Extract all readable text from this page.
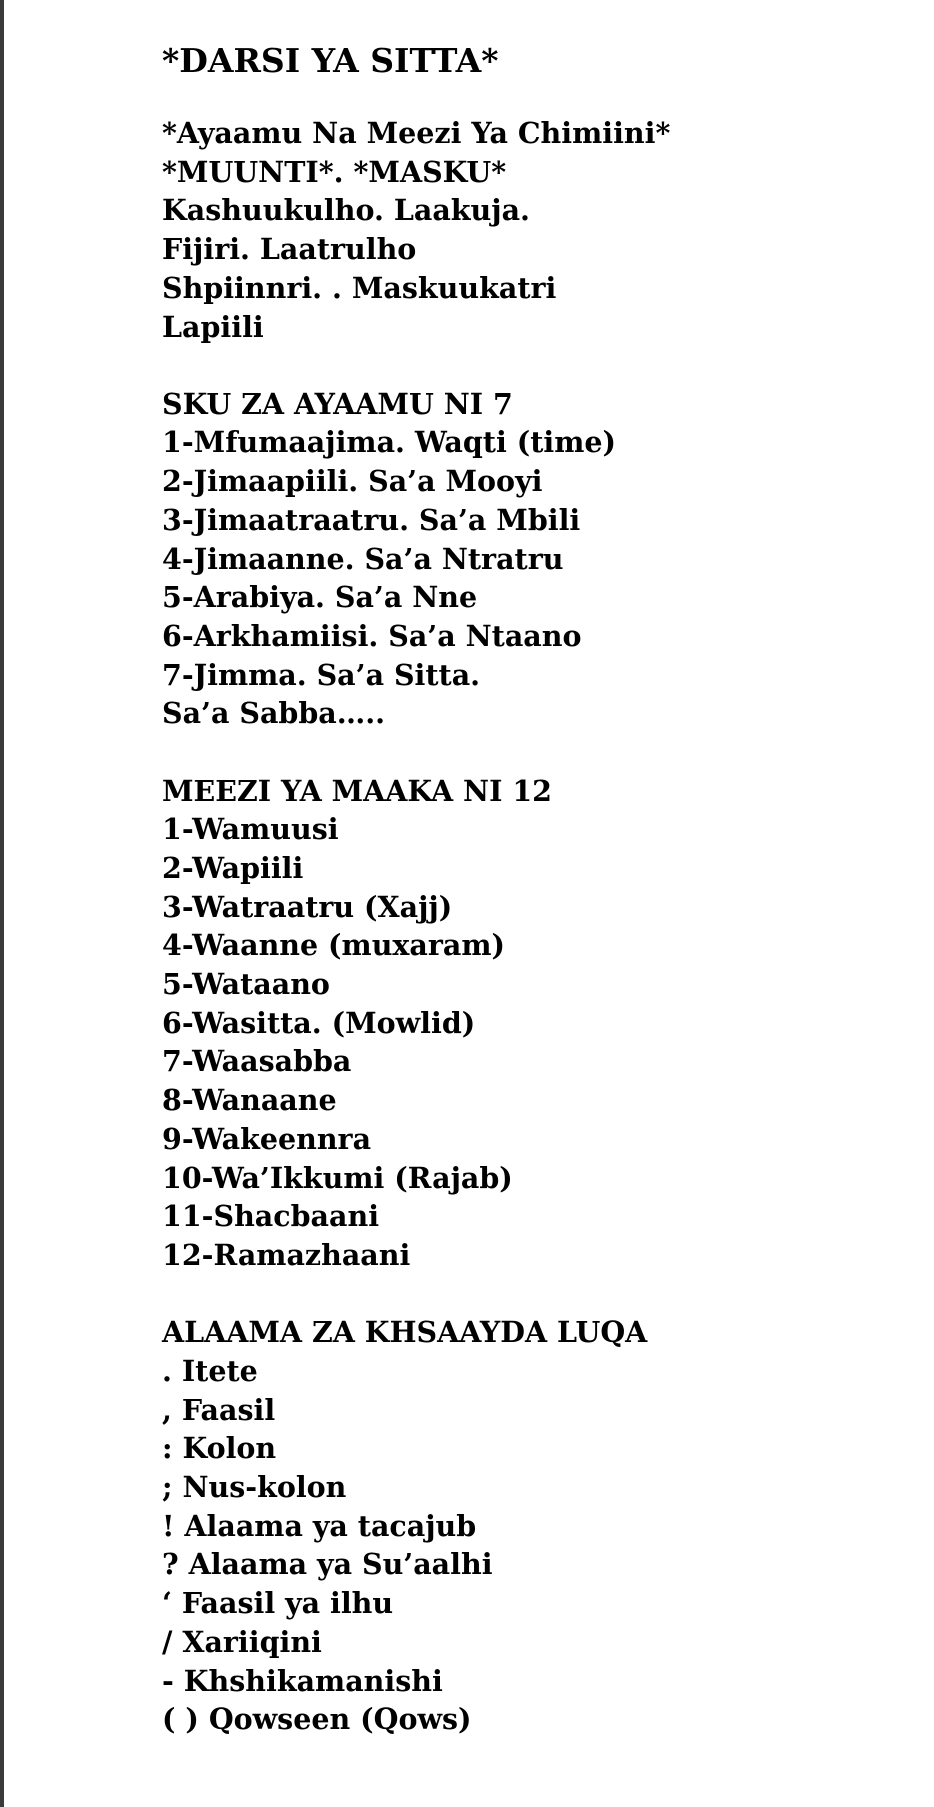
*DARSI YA SITTA*
*Ayaamu Na Meezi Ya Chimiini*
*MUUNTI*. *MASKU*
Kashuukulho. Laakuja.
Fijiri. Laatrulho
Shpiinnri. . Maskuukatri
Lapiili
SKU ZA AYAAMU NI 7
1-Mfumaajima. Waqti (time)
2-Jimaapiili. Sa’a Mooyi
3-Jimaatraatru. Sa’a Mbili
4-Jimaanne. Sa’a Ntratru
5-Arabiya. Sa’a Nne
6-Arkhamiisi. Sa’a Ntaano
7-Jimma. Sa’a Sitta.
Sa’a Sabba…..
MEEZI YA MAAKA NI 12
1-Wamuusi
2-Wapiili
3-Watraatru (Xajj)
4-Waanne (muxaram)
5-Wataano
6-Wasitta. (Mowlid)
7-Waasabba
8-Wanaane
9-Wakeennra
10-Wa’Ikkumi (Rajab)
11-Shacbaani
12-Ramazhaani
ALAAMA ZA KHSAAYDA LUQA
. Itete
, Faasil
: Kolon
; Nus-kolon
! Alaama ya tacajub
? Alaama ya Su’aalhi
‘ Faasil ya ilhu
/ Xariiqini
- Khshikamanishi
( ) Qowseen (Qows)
